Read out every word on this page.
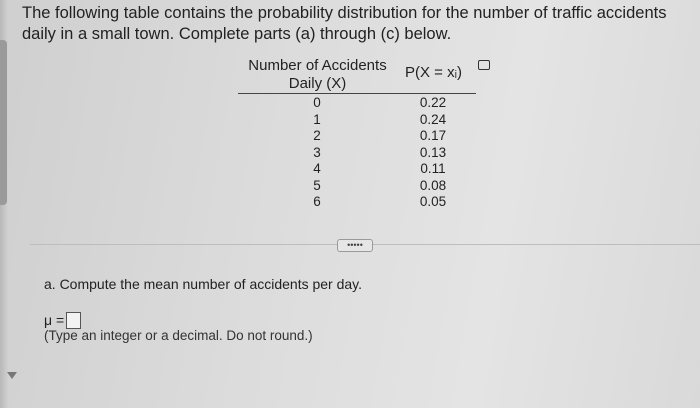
The following table contains the probability distribution for the number of traffic accidents daily in a small town. Complete parts (a) through (c) below.
Number of Accidents
Daily (X)
P(X = xᵢ)
0
1
2
3
4
5
6
0.22
0.24
0.17
0.13
0.11
0.08
0.05
•••••
a. Compute the mean number of accidents per day.
μ =
(Type an integer or a decimal. Do not round.)
